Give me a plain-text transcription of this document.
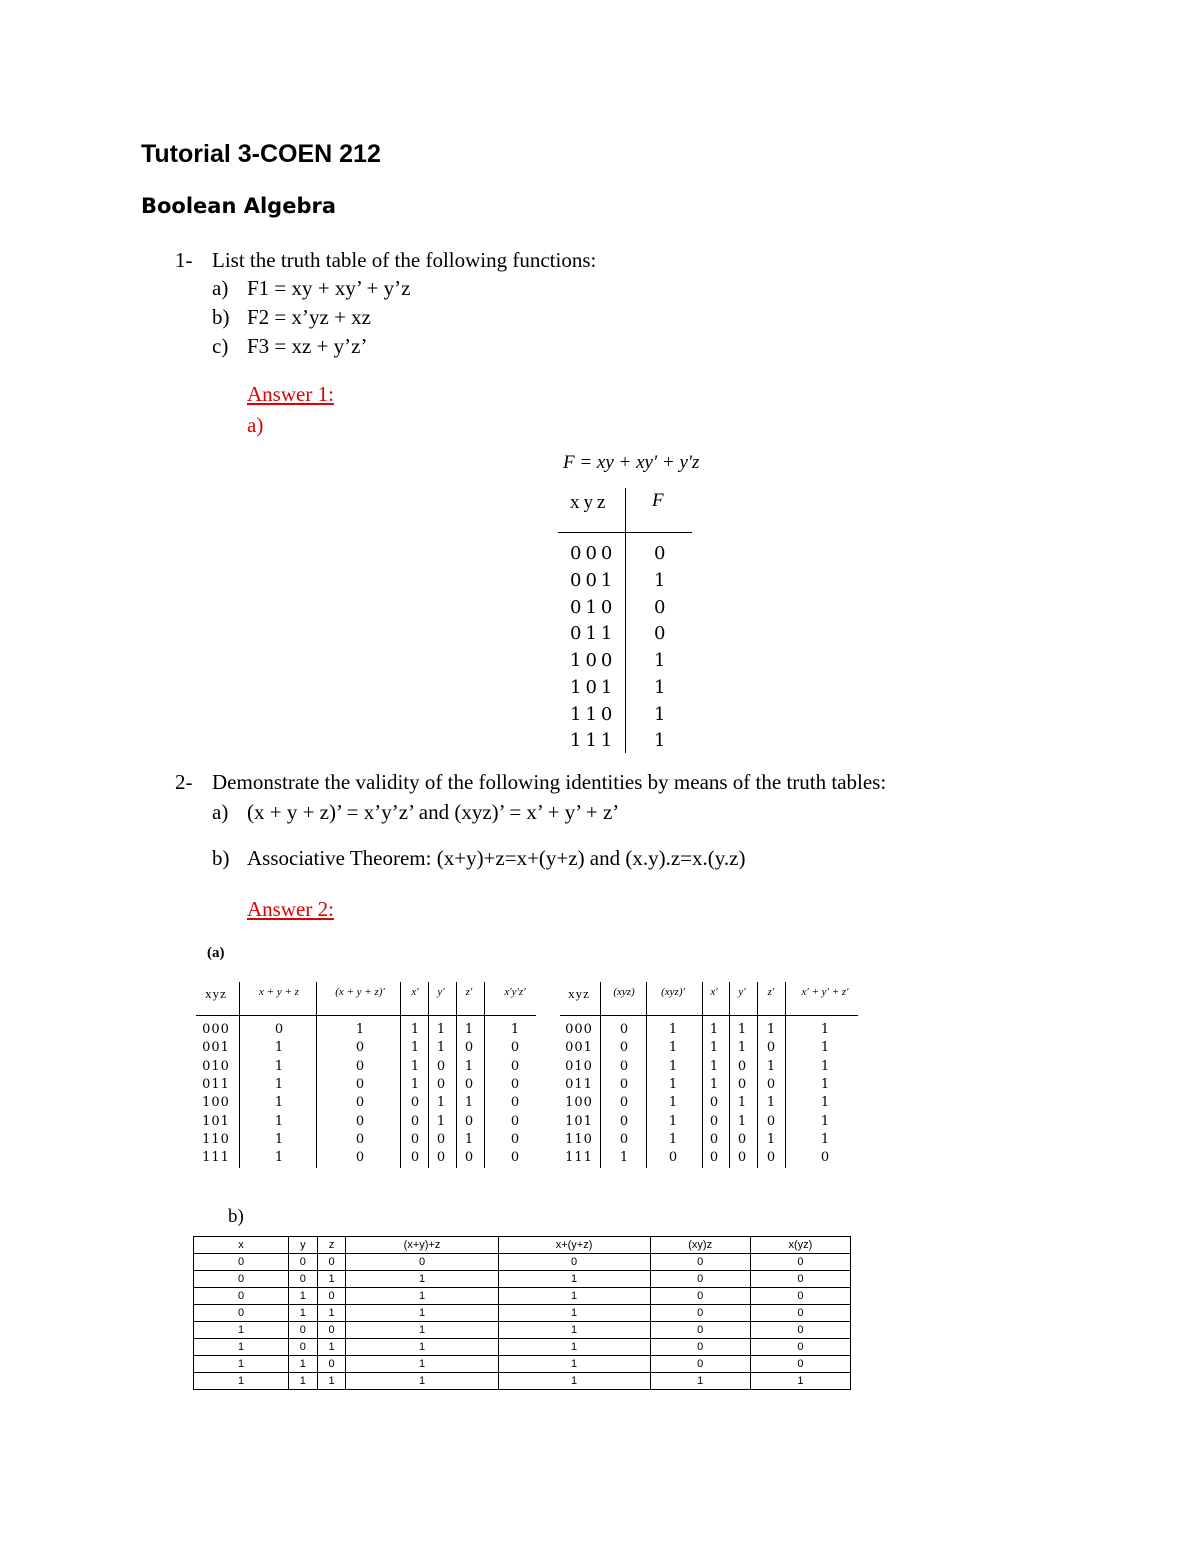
Tutorial 3-COEN 212
Boolean Algebra
1- List the truth table of the following functions:
a) F1 = xy + xy’ + y’z
b) F2 = x’yz + xz
c) F3 = xz + y’z’
Answer 1:
a)
F = xy + xy′ + y′z
xyz F
000 0
001 1
010 0
011 0
100 1
101 1
110 1
111 1
2- Demonstrate the validity of the following identities by means of the truth tables:
a) (x + y + z)’ = x’y’z’ and (xyz)’ = x’ + y’ + z’
b) Associative Theorem: (x+y)+z=x+(y+z) and (x.y).z=x.(y.z)
Answer 2:
(a)
xyz	x + y + z	(x + y + z)′	x′	y′	z′	x′y′z′
000	0	1	1	1	1	1
001	1	0	1	1	0	0
010	1	0	1	0	1	0
011	1	0	1	0	0	0
100	1	0	0	1	1	0
101	1	0	0	1	0	0
110	1	0	0	0	1	0
111	1	0	0	0	0	0
xyz	(xyz)	(xyz)′	x′	y′	z′	x′ + y′ + z′
000	0	1	1	1	1	1
001	0	1	1	1	0	1
010	0	1	1	0	1	1
011	0	1	1	0	0	1
100	0	1	0	1	1	1
101	0	1	0	1	0	1
110	0	1	0	0	1	1
111	1	0	0	0	0	0
b)
x	y	z	(x+y)+z	x+(y+z)	(xy)z	x(yz)
0	0	0	0	0	0	0
0	0	1	1	1	0	0
0	1	0	1	1	0	0
0	1	1	1	1	0	0
1	0	0	1	1	0	0
1	0	1	1	1	0	0
1	1	0	1	1	0	0
1	1	1	1	1	1	1
